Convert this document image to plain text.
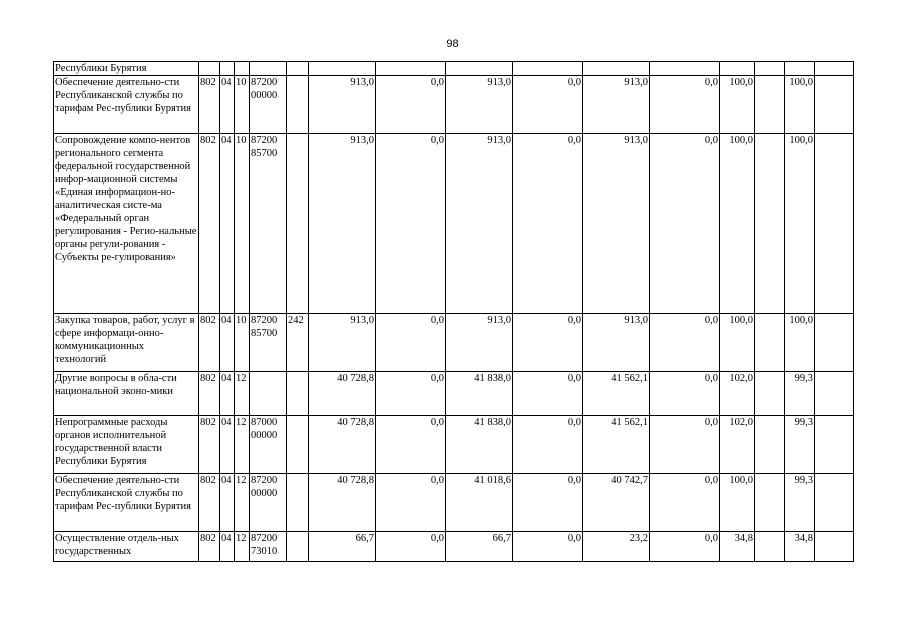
98
Республики Бурятия															
Обеспечение деятельно-сти Республиканской службы по тарифам Рес-публики Бурятия	802	04	10	87200 00000		913,0	0,0	913,0	0,0	913,0	0,0	100,0		100,0	
Сопровождение компо-нентов регионального сегмента федеральной государственной инфор-мационной системы «Единая информацион-но-аналитическая систе-ма «Федеральный орган регулирования - Регио-нальные органы регули-рования - Субъекты ре-гулирования»	802	04	10	87200 85700		913,0	0,0	913,0	0,0	913,0	0,0	100,0		100,0	
Закупка товаров, работ, услуг в сфере информаци-онно-коммуникационных технологий	802	04	10	87200 85700	242	913,0	0,0	913,0	0,0	913,0	0,0	100,0		100,0	
Другие вопросы в обла-сти национальной эконо-мики	802	04	12			40 728,8	0,0	41 838,0	0,0	41 562,1	0,0	102,0		99,3	
Непрограммные расходы органов исполнительной государственной власти Республики Бурятия	802	04	12	87000 00000		40 728,8	0,0	41 838,0	0,0	41 562,1	0,0	102,0		99,3	
Обеспечение деятельно-сти Республиканской службы по тарифам Рес-публики Бурятия	802	04	12	87200 00000		40 728,8	0,0	41 018,6	0,0	40 742,7	0,0	100,0		99,3	
Осуществление отдель-ных государственных	802	04	12	87200 73010		66,7	0,0	66,7	0,0	23,2	0,0	34,8		34,8	
